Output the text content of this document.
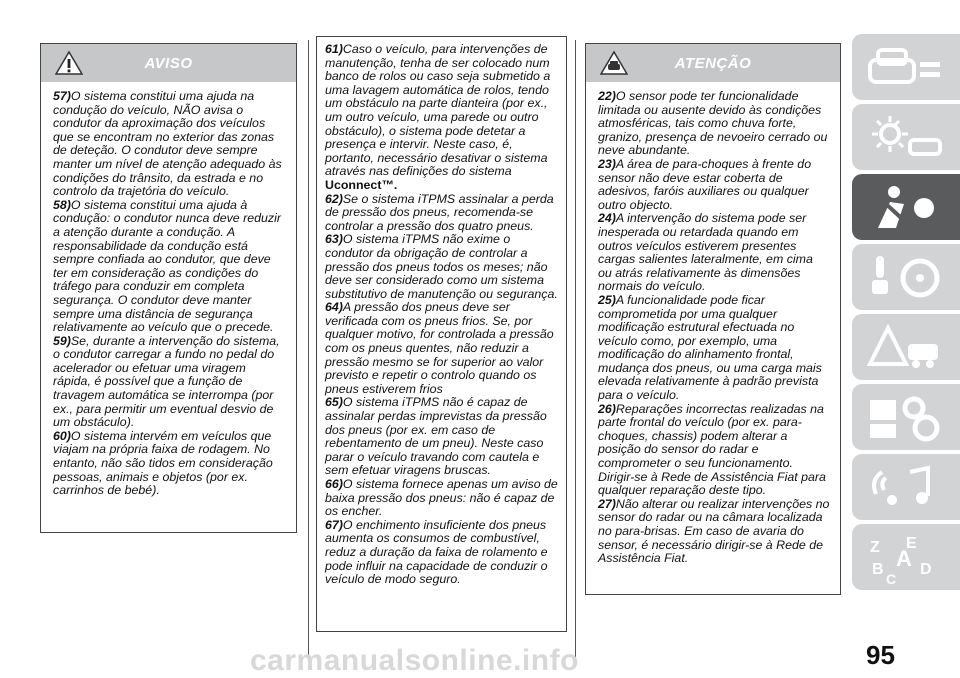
AVISO

57)O sistema constitui uma ajuda na condução do veículo, NÃO avisa o condutor da aproximação dos veículos que se encontram no exterior das zonas de deteção. O condutor deve sempre manter um nível de atenção adequado às condições do trânsito, da estrada e no controlo da trajetória do veículo.

58)O sistema constitui uma ajuda à condução: o condutor nunca deve reduzir a atenção durante a condução. A responsabilidade da condução está sempre confiada ao condutor, que deve ter em consideração as condições do tráfego para conduzir em completa segurança. O condutor deve manter sempre uma distância de segurança relativamente ao veículo que o precede.

59)Se, durante a intervenção do sistema, o condutor carregar a fundo no pedal do acelerador ou efetuar uma viragem rápida, é possível que a função de travagem automática se interrompa (por ex., para permitir um eventual desvio de um obstáculo).

60)O sistema intervém em veículos que viajam na própria faixa de rodagem. No entanto, não são tidos em consideração pessoas, animais e objetos (por ex. carrinhos de bebé).

61)Caso o veículo, para intervenções de manutenção, tenha de ser colocado num banco de rolos ou caso seja submetido a uma lavagem automática de rolos, tendo um obstáculo na parte dianteira (por ex., um outro veículo, uma parede ou outro obstáculo), o sistema pode detetar a presença e intervir. Neste caso, é, portanto, necessário desativar o sistema através nas definições do sistema Uconnect™.

62)Se o sistema iTPMS assinalar a perda de pressão dos pneus, recomenda-se controlar a pressão dos quatro pneus.

63)O sistema iTPMS não exime o condutor da obrigação de controlar a pressão dos pneus todos os meses; não deve ser considerado como um sistema substitutivo de manutenção ou segurança.

64)A pressão dos pneus deve ser verificada com os pneus frios. Se, por qualquer motivo, for controlada a pressão com os pneus quentes, não reduzir a pressão mesmo se for superior ao valor previsto e repetir o controlo quando os pneus estiverem frios

65)O sistema iTPMS não é capaz de assinalar perdas imprevistas da pressão dos pneus (por ex. em caso de rebentamento de um pneu). Neste caso parar o veículo travando com cautela e sem efetuar viragens bruscas.

66)O sistema fornece apenas um aviso de baixa pressão dos pneus: não é capaz de os encher.

67)O enchimento insuficiente dos pneus aumenta os consumos de combustível, reduz a duração da faixa de rolamento e pode influir na capacidade de conduzir o veículo de modo seguro.

ATENÇÃO

22)O sensor pode ter funcionalidade limitada ou ausente devido às condições atmosféricas, tais como chuva forte, granizo, presença de nevoeiro cerrado ou neve abundante.

23)A área de para-choques à frente do sensor não deve estar coberta de adesivos, faróis auxiliares ou qualquer outro objecto.

24)A intervenção do sistema pode ser inesperada ou retardada quando em outros veículos estiverem presentes cargas salientes lateralmente, em cima ou atrás relativamente às dimensões normais do veículo.

25)A funcionalidade pode ficar comprometida por uma qualquer modificação estrutural efectuada no veículo como, por exemplo, uma modificação do alinhamento frontal, mudança dos pneus, ou uma carga mais elevada relativamente à padrão prevista para o veículo.

26)Reparações incorrectas realizadas na parte frontal do veículo (por ex. para-choques, chassis) podem alterar a posição do sensor do radar e comprometer o seu funcionamento. Dirigir-se à Rede de Assistência Fiat para qualquer reparação deste tipo.

27)Não alterar ou realizar intervenções no sensor do radar ou na câmara localizada no para-brisas. Em caso de avaria do sensor, é necessário dirigir-se à Rede de Assistência Fiat.

Z E
A
B D
C
carmanualsonline.info	95
